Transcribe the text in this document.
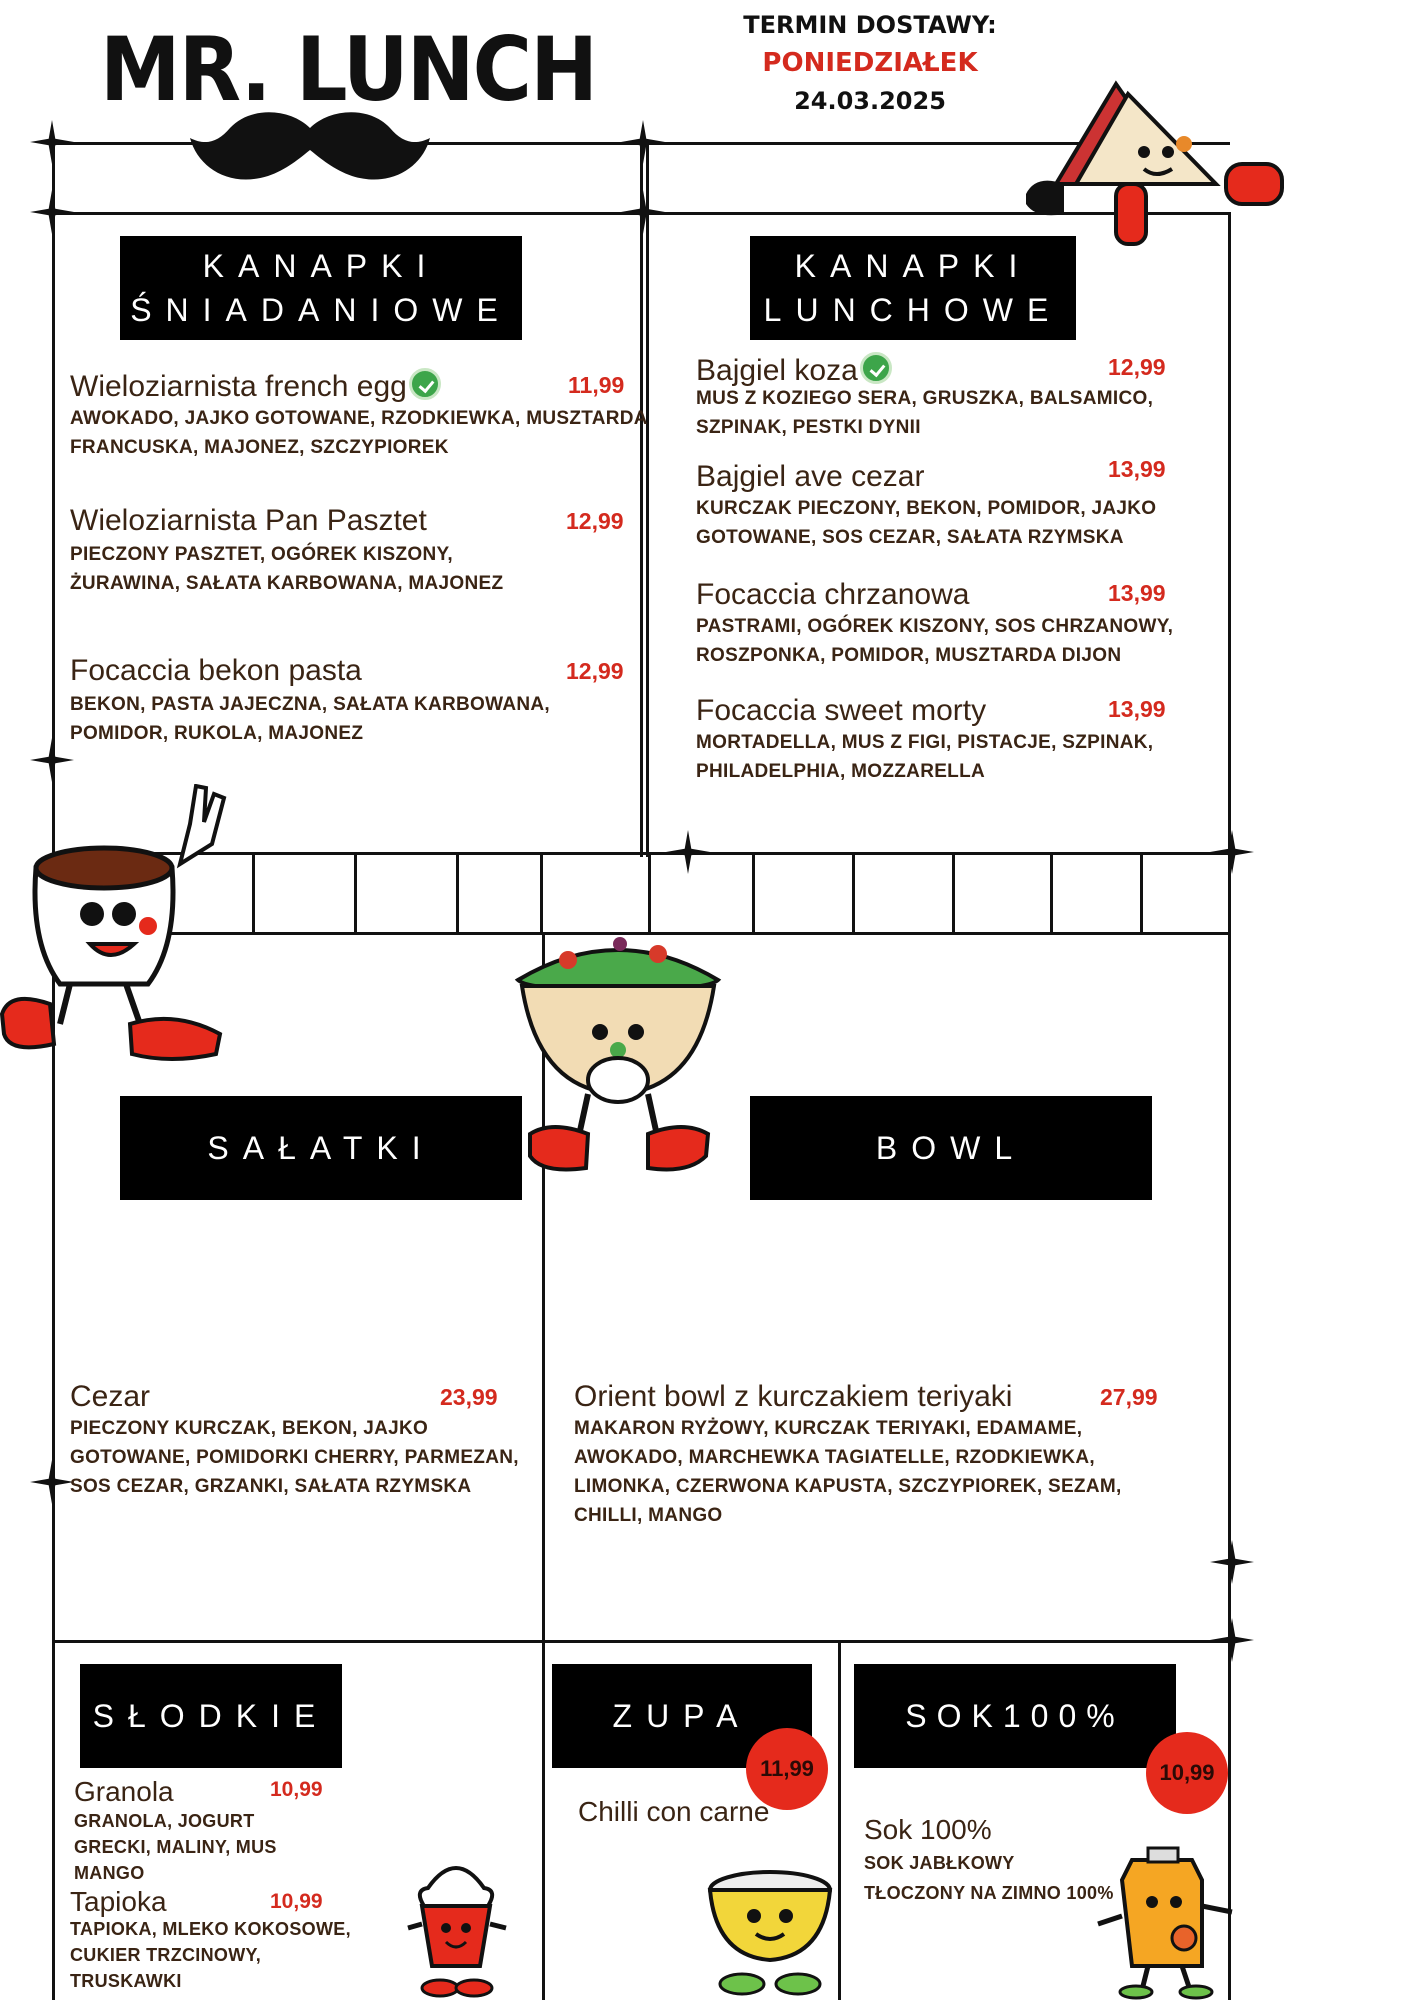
MR. LUNCH	TERMIN DOSTAWY:
PONIEDZIAŁEK
24.03.2025
KANAPKI
ŚNIADANIOWE
Wieloziarnista french egg	11,99
AWOKADO, JAJKO GOTOWANE, RZODKIEWKA, MUSZTARDA FRANCUSKA, MAJONEZ, SZCZYPIOREK
Wieloziarnista Pan Pasztet	12,99
PIECZONY PASZTET, OGÓREK KISZONY, ŻURAWINA, SAŁATA KARBOWANA, MAJONEZ
Focaccia bekon pasta	12,99
BEKON, PASTA JAJECZNA, SAŁATA KARBOWANA, POMIDOR, RUKOLA, MAJONEZ
KANAPKI
LUNCHOWE
Bajgiel koza	12,99
MUS Z KOZIEGO SERA, GRUSZKA, BALSAMICO, SZPINAK, PESTKI DYNII
Bajgiel ave cezar	13,99
KURCZAK PIECZONY, BEKON, POMIDOR, JAJKO GOTOWANE, SOS CEZAR, SAŁATA RZYMSKA
Focaccia chrzanowa	13,99
PASTRAMI, OGÓREK KISZONY, SOS CHRZANOWY, ROSZPONKA, POMIDOR, MUSZTARDA DIJON
Focaccia sweet morty	13,99
MORTADELLA, MUS Z FIGI, PISTACJE, SZPINAK, PHILADELPHIA, MOZZARELLA
SAŁATKI
Cezar	23,99
PIECZONY KURCZAK, BEKON, JAJKO GOTOWANE, POMIDORKI CHERRY, PARMEZAN, SOS CEZAR, GRZANKI, SAŁATA RZYMSKA
BOWL
Orient bowl z kurczakiem teriyaki	27,99
MAKARON RYŻOWY, KURCZAK TERIYAKI, EDAMAME, AWOKADO, MARCHEWKA TAGIATELLE, RZODKIEWKA, LIMONKA, CZERWONA KAPUSTA, SZCZYPIOREK, SEZAM, CHILLI, MANGO
SŁODKIE
Granola	10,99
GRANOLA, JOGURT GRECKI, MALINY, MUS MANGO
Tapioka	10,99
TAPIOKA, MLEKO KOKOSOWE, CUKIER TRZCINOWY, TRUSKAWKI
ZUPA
11,99
Chilli con carne
SOK100%
10,99
Sok 100%
SOK JABŁKOWY TŁOCZONY NA ZIMNO 100%
